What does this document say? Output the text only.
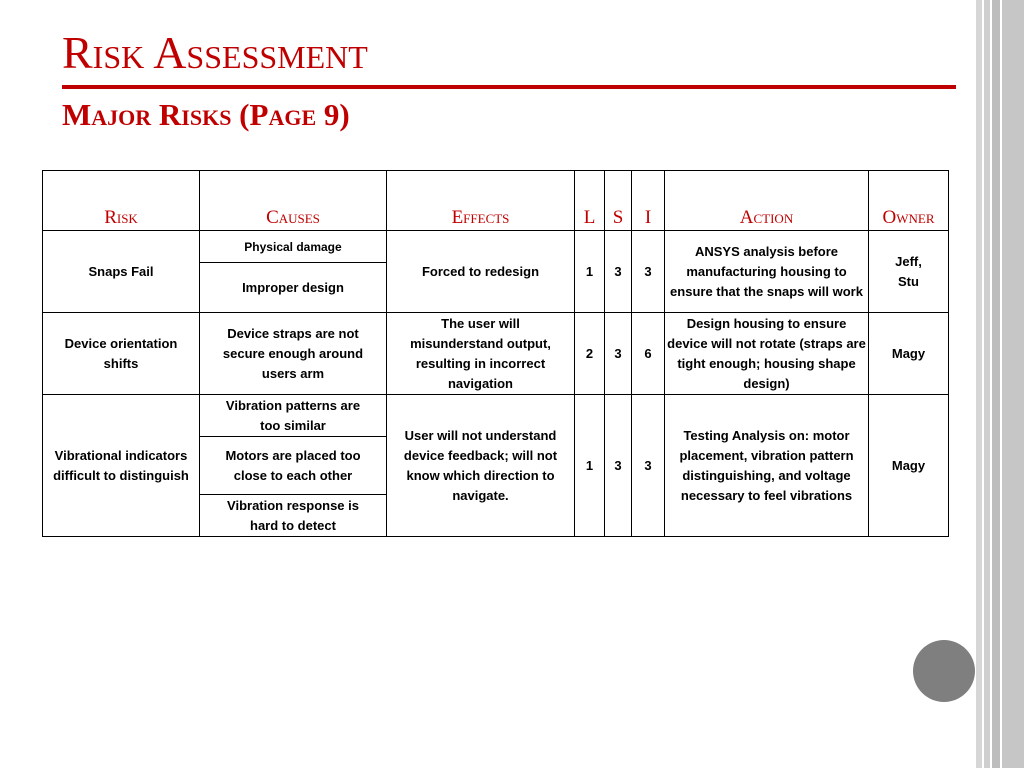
Risk Assessment
Major Risks (Page 9)
Risk	Causes	Effects	L	S	I	Action	Owner
Snaps Fail	Physical damage	Forced to redesign	1	3	3	ANSYS analysis before manufacturing housing to ensure that the snaps will work	Jeff, Stu
	Improper design						
Device orientation shifts	Device straps are not secure enough around users arm	The user will misunderstand output, resulting in incorrect navigation	2	3	6	Design housing to ensure device will not rotate (straps are tight enough; housing shape design)	Magy
Vibrational indicators difficult to distinguish	Vibration patterns are too similar	User will not understand device feedback; will not know which direction to navigate.	1	3	3	Testing Analysis on: motor placement, vibration pattern distinguishing, and voltage necessary to feel vibrations	Magy
	Motors are placed too close to each other						
	Vibration response is hard to detect						
